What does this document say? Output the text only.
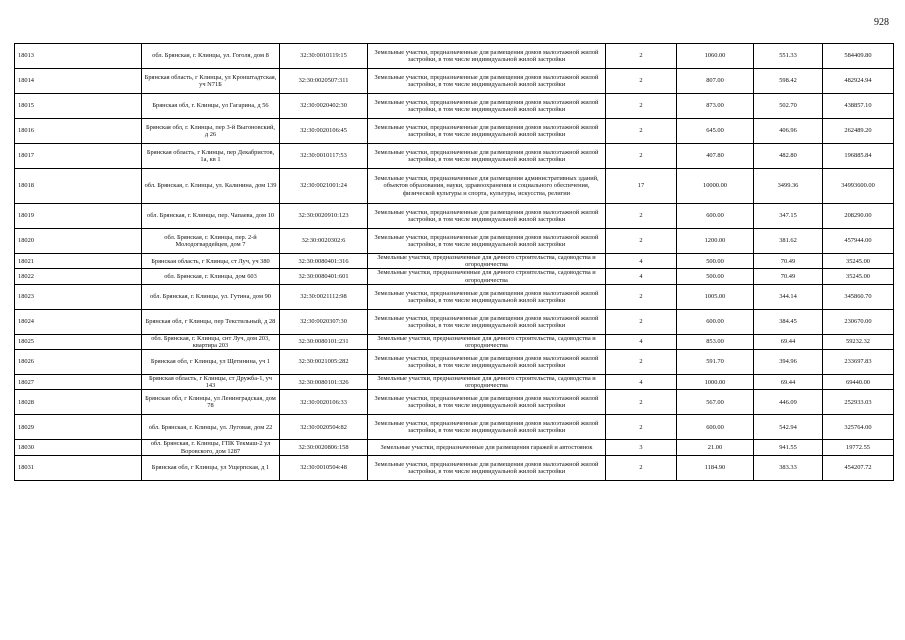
928
18013	обл. Брянская, г. Клинцы, ул. Гоголя, дом 8	32:30:0010119:15	Земельные участки, предназначенные для размещения домов малоэтажной жилой застройки, в том числе индивидуальной жилой застройки	2	1060.00	551.33	584409.80
18014	Брянская область, г Клинцы, ул Кронштадтская, уч N71Б	32:30:0020507:311	Земельные участки, предназначенные для размещения домов малоэтажной жилой застройки, в том числе индивидуальной жилой застройки	2	807.00	598.42	482924.94
18015	Брянская обл, г. Клинцы, ул Гагарина, д 56	32:30:0020402:30	Земельные участки, предназначенные для размещения домов малоэтажной жилой застройки, в том числе индивидуальной жилой застройки	2	873.00	502.70	438857.10
18016	Брянская обл, г. Клинцы, пер 3-й Выгоновский, д 26	32:30:0020106:45	Земельные участки, предназначенные для размещения домов малоэтажной жилой застройки, в том числе индивидуальной жилой застройки	2	645.00	406.96	262489.20
18017	Брянская область, г Клинцы, пер Декабристов, 1а, кв 1	32:30:0010117:53	Земельные участки, предназначенные для размещения домов малоэтажной жилой застройки, в том числе индивидуальной жилой застройки	2	407.80	482.80	196885.84
18018	обл. Брянская, г. Клинцы, ул. Калинина, дом 139	32:30:0021001:24	Земельные участки, предназначенные для размещения административных зданий, объектов образования, науки, здравоохранения и социального обеспечения, физической культуры и спорта, культуры, искусства, религии	17	10000.00	3499.36	34993600.00
18019	обл. Брянская, г. Клинцы, пер. Чапаева, дом 10	32:30:0020910:123	Земельные участки, предназначенные для размещения домов малоэтажной жилой застройки, в том числе индивидуальной жилой застройки	2	600.00	347.15	208290.00
18020	обл. Брянская, г. Клинцы, пер. 2-й Молодогвардейцев, дом 7	32:30:0020302:6	Земельные участки, предназначенные для размещения домов малоэтажной жилой застройки, в том числе индивидуальной жилой застройки	2	1200.00	381.62	457944.00
18021	Брянская область, г Клинцы, ст Луч, уч 380	32:30:0080401:316	Земельные участки, предназначенные для дачного строительства, садоводства и огородничества	4	500.00	70.49	35245.00
18022	обл. Брянская, г. Клинцы, дом 603	32:30:0080401:601	Земельные участки, предназначенные для дачного строительства, садоводства и огородничества	4	500.00	70.49	35245.00
18023	обл. Брянская, г. Клинцы, ул. Гутина, дом 90	32:30:0021112:98	Земельные участки, предназначенные для размещения домов малоэтажной жилой застройки, в том числе индивидуальной жилой застройки	2	1005.00	344.14	345860.70
18024	Брянская обл, г Клинцы, пер Текстильный, д 28	32:30:0020307:30	Земельные участки, предназначенные для размещения домов малоэтажной жилой застройки, в том числе индивидуальной жилой застройки	2	600.00	384.45	230670.00
18025	обл. Брянская, г. Клинцы, снт Луч, дом 203, квартира 203	32:30:0080101:231	Земельные участки, предназначенные для дачного строительства, садоводства и огородничества	4	853.00	69.44	59232.32
18026	Брянская обл, г Клинцы, ул Щетинина, уч 1	32:30:0021005:282	Земельные участки, предназначенные для размещения домов малоэтажной жилой застройки, в том числе индивидуальной жилой застройки	2	591.70	394.96	233697.83
18027	Брянская область, г Клинцы, ст Дружба-1, уч 143	32:30:0080101:326	Земельные участки, предназначенные для дачного строительства, садоводства и огородничества	4	1000.00	69.44	69440.00
18028	Брянская обл, г Клинцы, ул Ленинградская, дом 78	32:30:0020106:33	Земельные участки, предназначенные для размещения домов малоэтажной жилой застройки, в том числе индивидуальной жилой застройки	2	567.00	446.09	252933.03
18029	обл. Брянская, г. Клинцы, ул. Луговая, дом 22	32:30:0020504:82	Земельные участки, предназначенные для размещения домов малоэтажной жилой застройки, в том числе индивидуальной жилой застройки	2	600.00	542.94	325764.00
18030	обл. Брянская, г. Клинцы, ГПК Текмаш-2 ул Воровского, дом 1287	32:30:0020806:158	Земельные участки, предназначенные для размещения гаражей и автостоянок	3	21.00	941.55	19772.55
18031	Брянская обл, г Клинцы, ул Ущерпская, д 1	32:30:0010504:48	Земельные участки, предназначенные для размещения домов малоэтажной жилой застройки, в том числе индивидуальной жилой застройки	2	1184.90	383.33	454207.72
